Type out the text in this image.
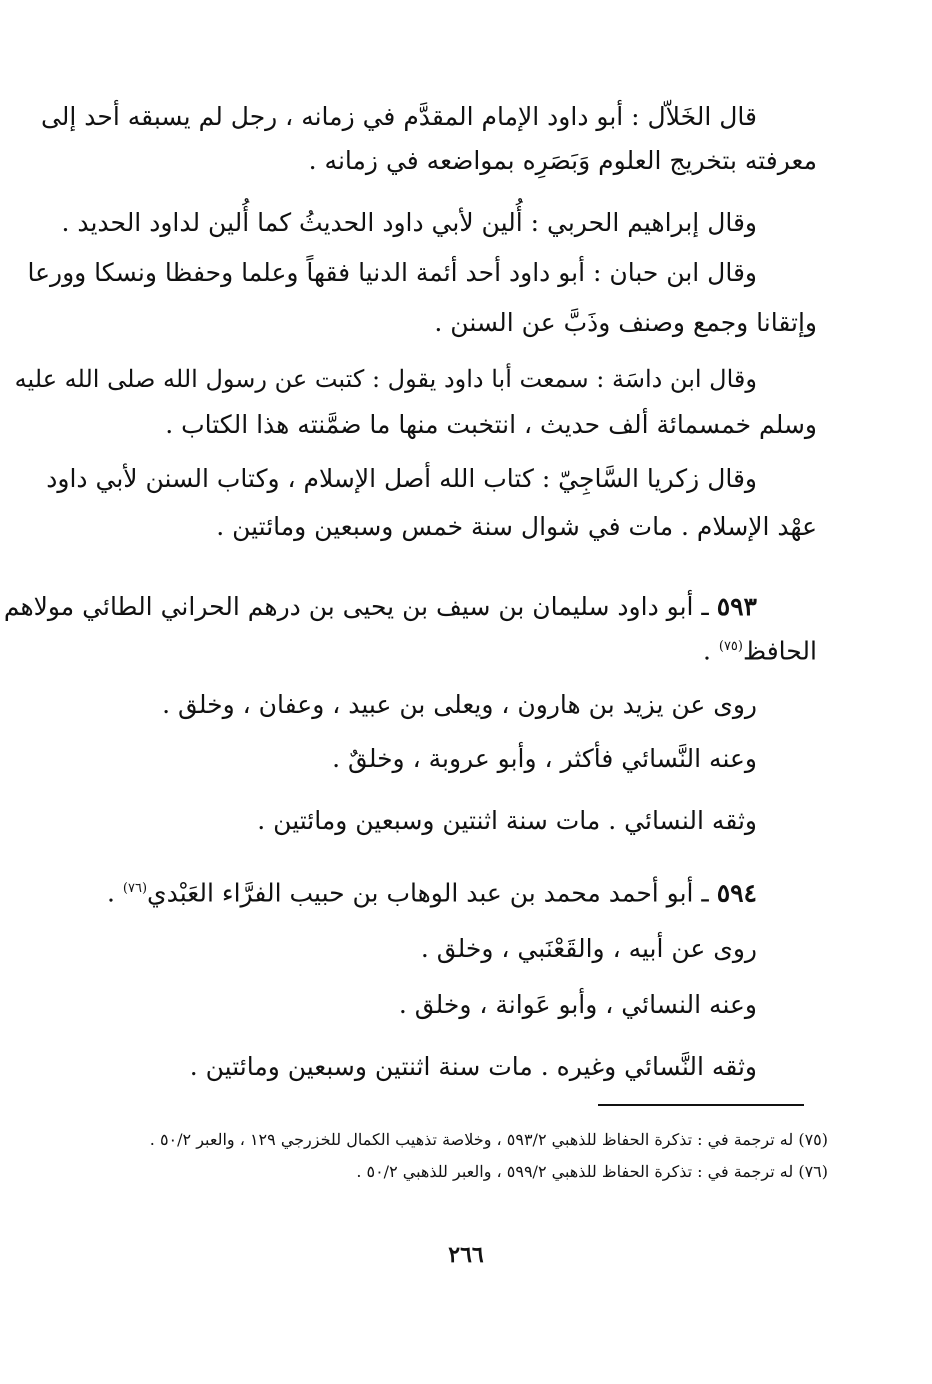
قال الخَلاّل : أبو داود الإمام المقدَّم في زمانه ، رجل لم يسبقه أحد إلى
معرفته بتخريج العلوم وَبَصَرِه بمواضعه في زمانه .
وقال إبراهيم الحربي : أُلين لأبي داود الحديثُ كما أُلين لداود الحديد .
وقال ابن حبان : أبو داود أحد أئمة الدنيا فقهاً وعلما وحفظا ونسكا وورعا
وإتقانا وجمع وصنف وذَبَّ عن السنن .
وقال ابن داسَة : سمعت أبا داود يقول : كتبت عن رسول الله صلى الله عليه
وسلم خمسمائة ألف حديث ، انتخبت منها ما ضمَّنته هذا الكتاب .
وقال زكريا السَّاجِيّ : كتاب الله أصل الإسلام ، وكتاب السنن لأبي داود
عهْد الإسلام . مات في شوال سنة خمس وسبعين ومائتين .
٥٩٣ ـ أبو داود سليمان بن سيف بن يحيى بن درهم الحراني الطائي مولاهم
الحافظ$^{(٧٥)}$ .
روى عن يزيد بن هارون ، ويعلى بن عبيد ، وعفان ، وخلق .
وعنه النَّسائي فأكثر ، وأبو عروبة ، وخلقٌ .
وثقه النسائي . مات سنة اثنتين وسبعين ومائتين .
٥٩٤ ـ أبو أحمد محمد بن عبد الوهاب بن حبيب الفرَّاء العَبْدي$^{(٧٦)}$ .
روى عن أبيه ، والقَعْنَبي ، وخلق .
وعنه النسائي ، وأبو عَوانة ، وخلق .
وثقه النَّسائي وغيره . مات سنة اثنتين وسبعين ومائتين .
(٧٥) له ترجمة في : تذكرة الحفاظ للذهبي ٥٩٣/٢ ، وخلاصة تذهيب الكمال للخزرجي ١٢٩ ، والعبر ٥٠/٢ .
(٧٦) له ترجمة في : تذكرة الحفاظ للذهبي ٥٩٩/٢ ، والعبر للذهبي ٥٠/٢ .
٢٦٦
